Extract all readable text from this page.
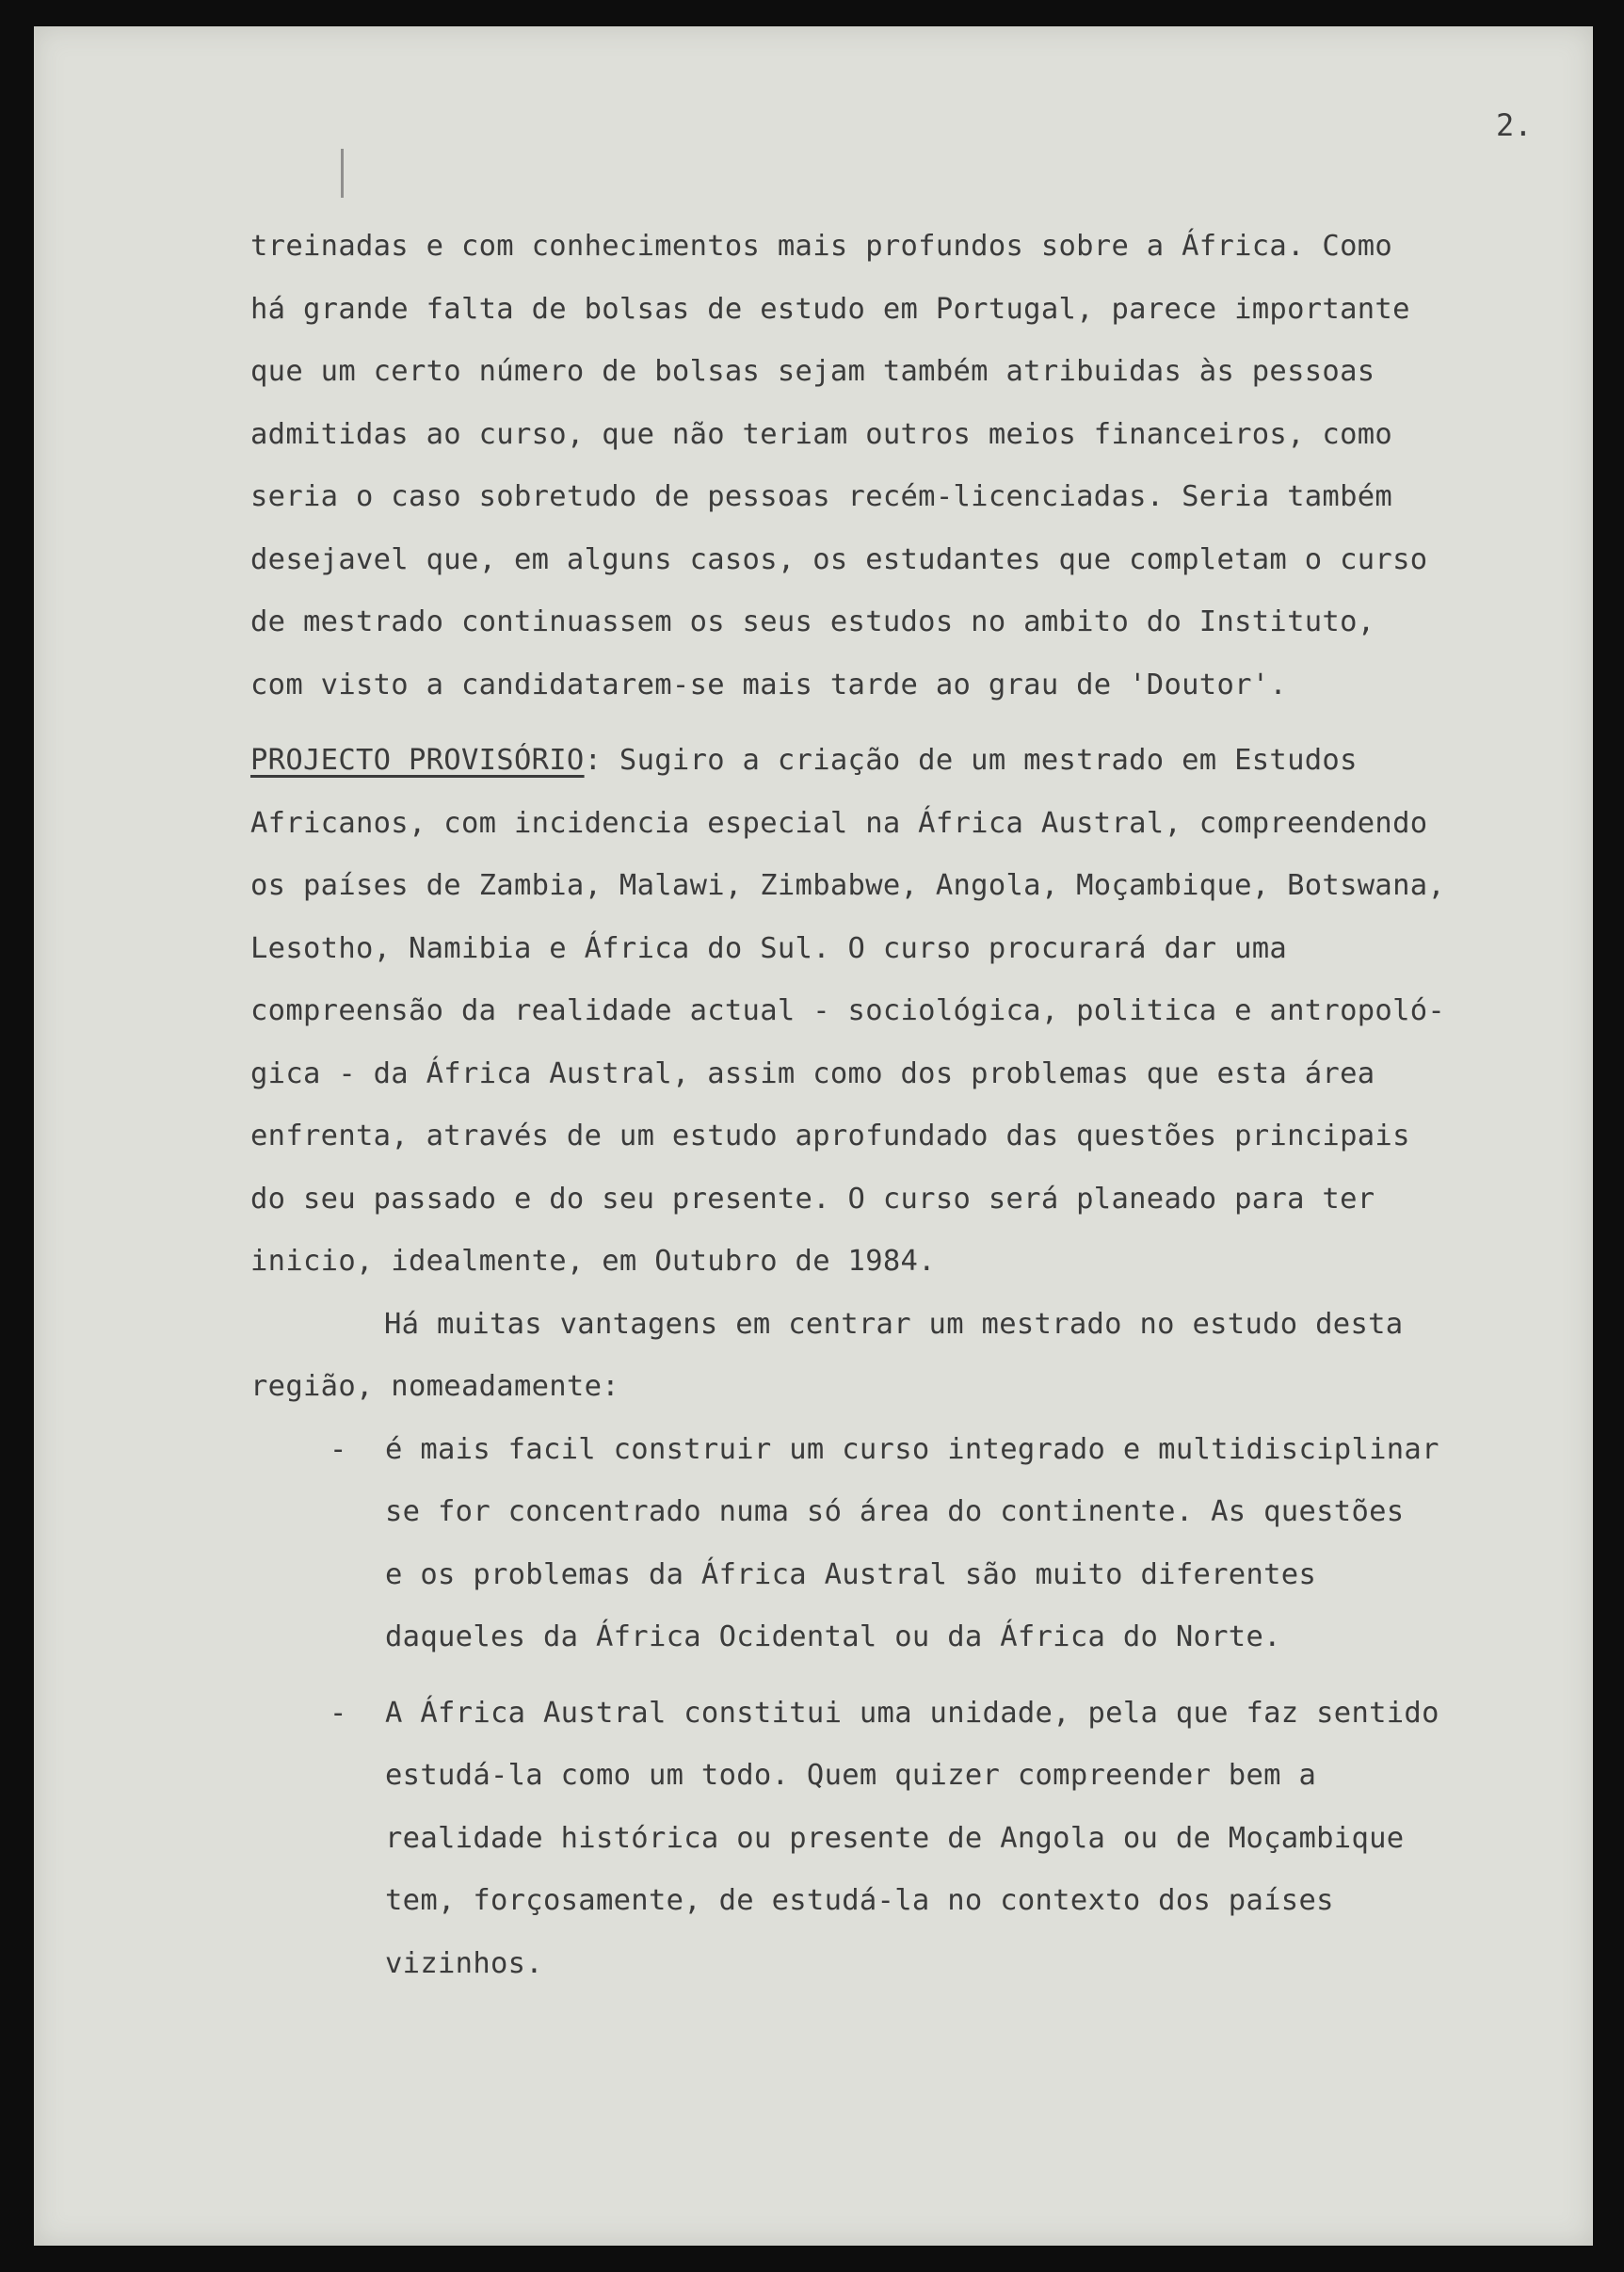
2.
treinadas e com conhecimentos mais profundos sobre a África. Como
há grande falta de bolsas de estudo em Portugal, parece importante
que um certo número de bolsas sejam também atribuidas às pessoas
admitidas ao curso, que não teriam outros meios financeiros, como
seria o caso sobretudo de pessoas recém-licenciadas. Seria também
desejavel que, em alguns casos, os estudantes que completam o curso
de mestrado continuassem os seus estudos no ambito do Instituto,
com visto a candidatarem-se mais tarde ao grau de 'Doutor'.
PROJECTO PROVISÓRIO: Sugiro a criação de um mestrado em Estudos
Africanos, com incidencia especial na África Austral, compreendendo
os países de Zambia, Malawi, Zimbabwe, Angola, Moçambique, Botswana,
Lesotho, Namibia e África do Sul. O curso procurará dar uma
compreensão da realidade actual - sociológica, politica e antropoló-
gica - da África Austral, assim como dos problemas que esta área
enfrenta, através de um estudo aprofundado das questões principais
do seu passado e do seu presente. O curso será planeado para ter
inicio, idealmente, em Outubro de 1984.
Há muitas vantagens em centrar um mestrado no estudo desta
região, nomeadamente:
- é mais facil construir um curso integrado e multidisciplinar
se for concentrado numa só área do continente. As questões
e os problemas da África Austral são muito diferentes
daqueles da África Ocidental ou da África do Norte.
- A África Austral constitui uma unidade, pela que faz sentido
estudá-la como um todo. Quem quizer compreender bem a
realidade histórica ou presente de Angola ou de Moçambique
tem, forçosamente, de estudá-la no contexto dos países
vizinhos.
